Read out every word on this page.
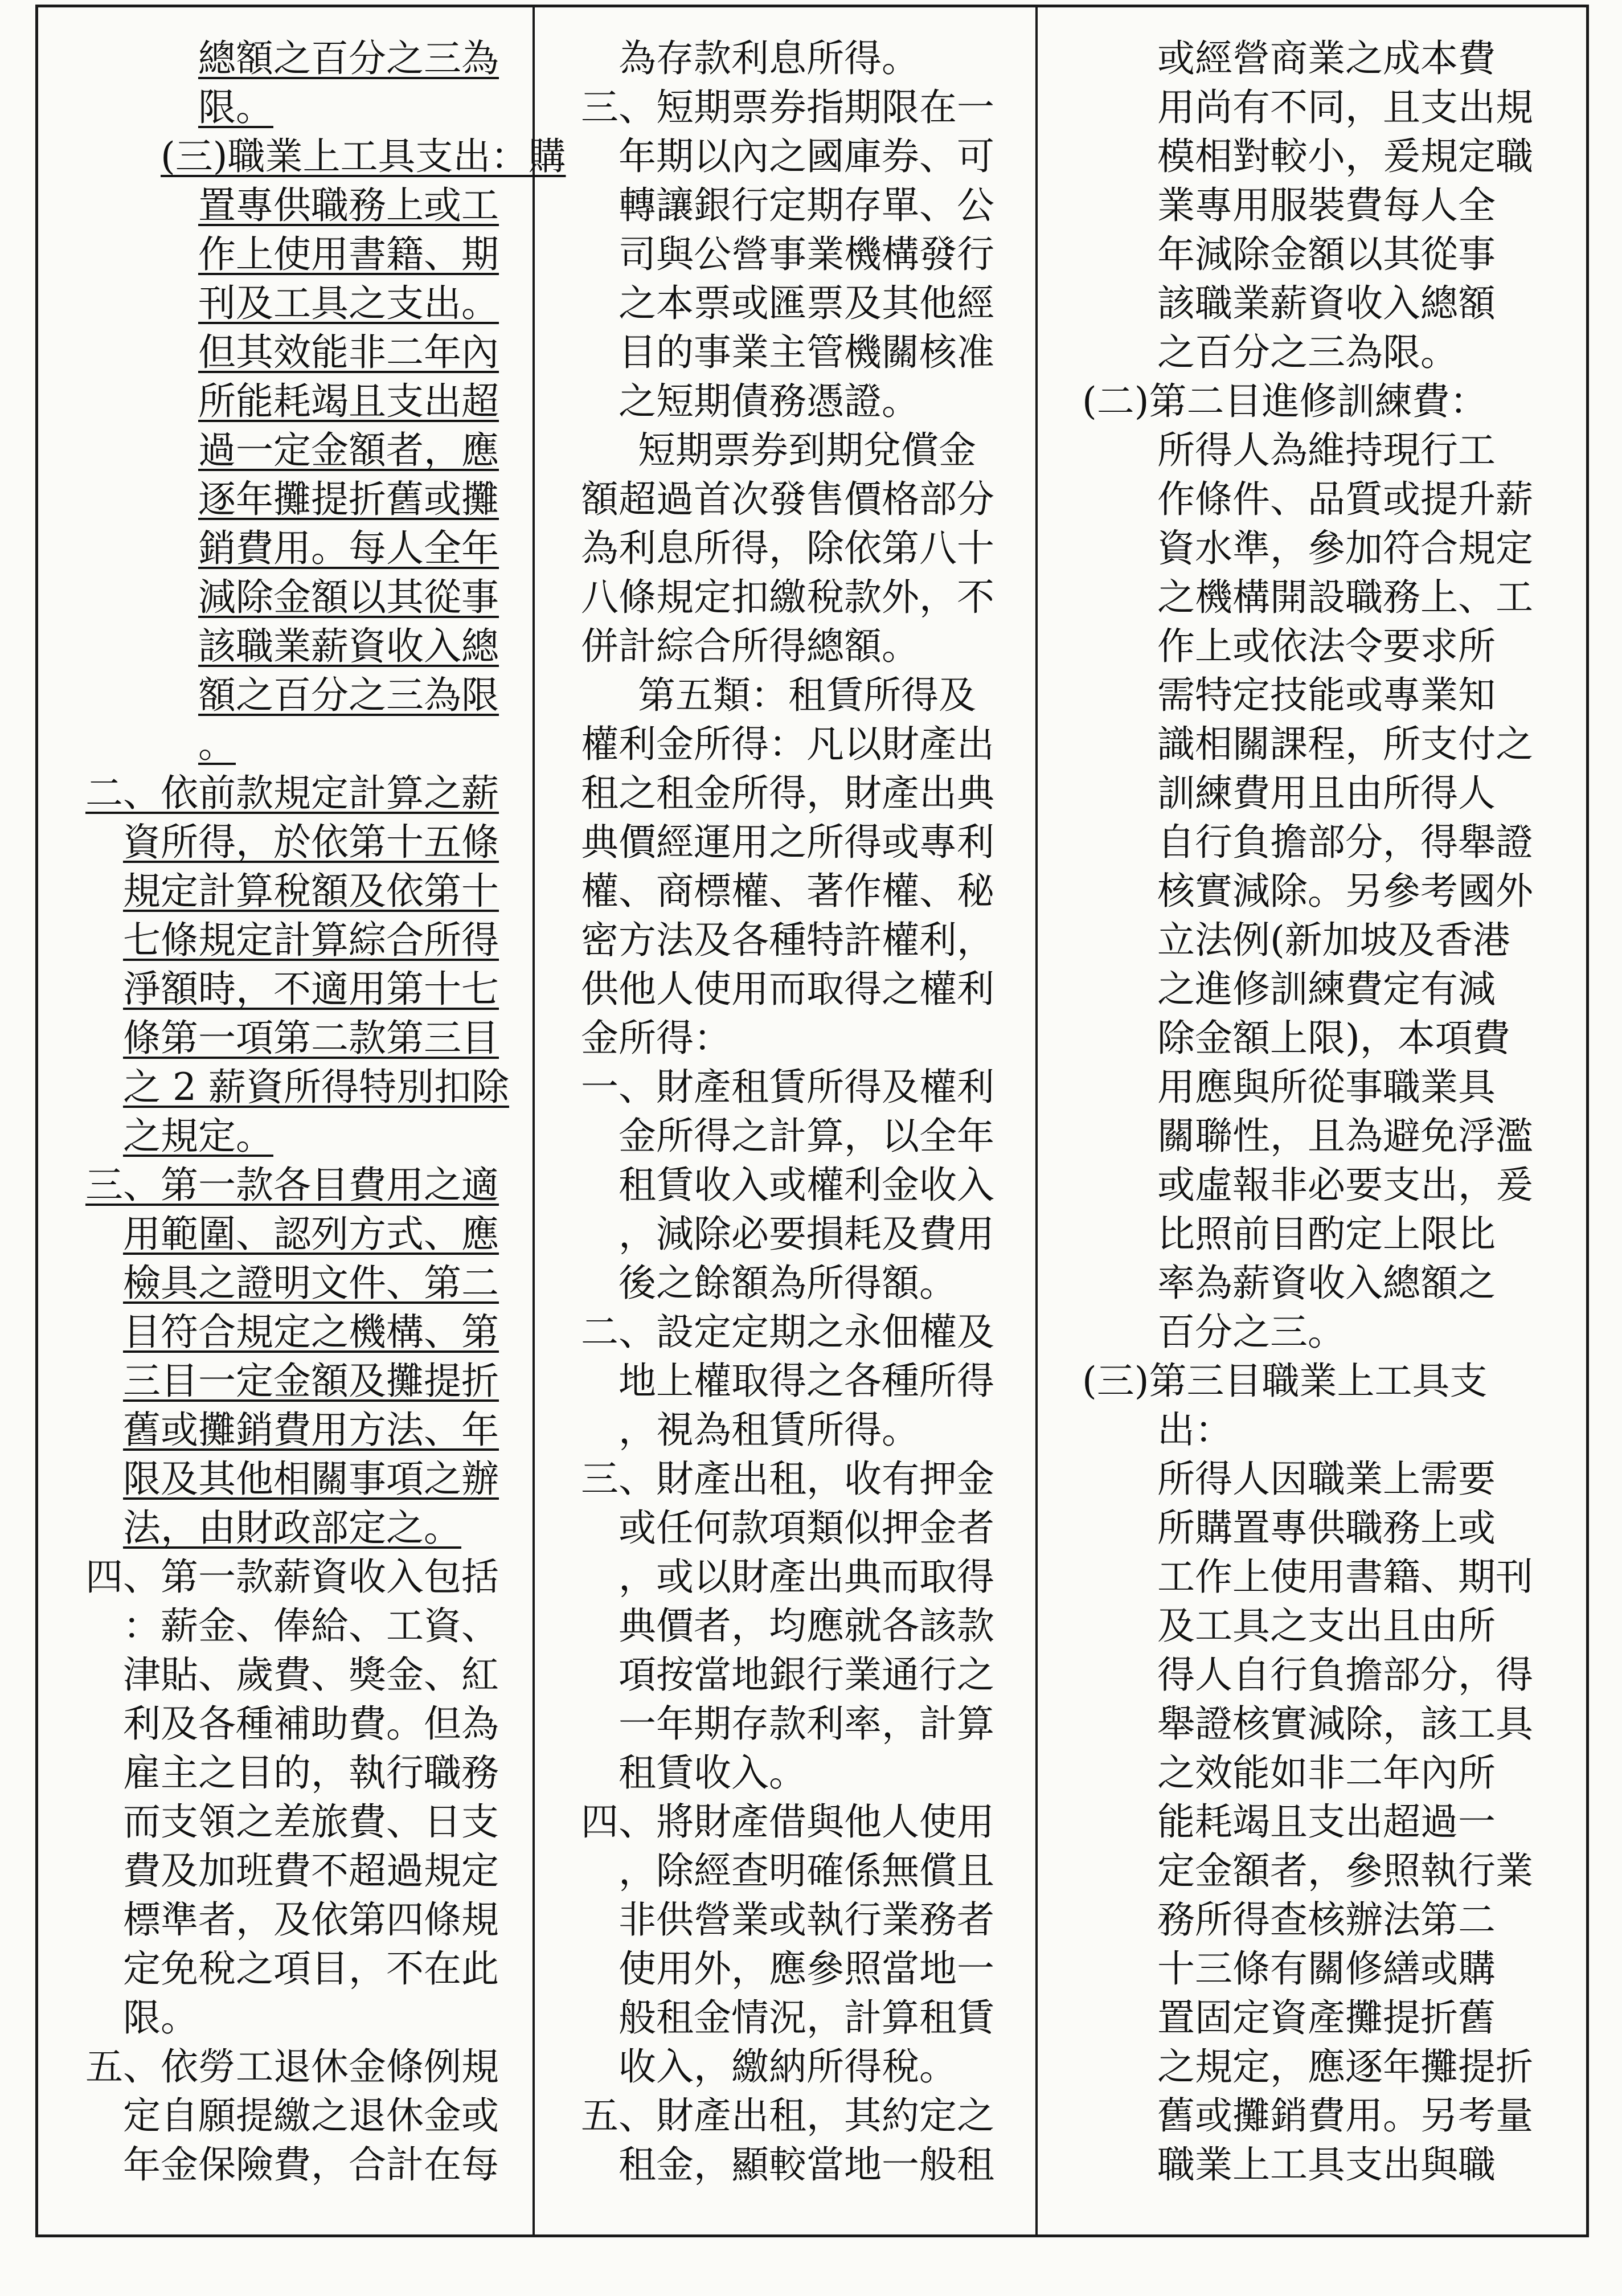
總額之百分之三為

限。

(三)職業上工具支出：購

置專供職務上或工

作上使用書籍、期

刊及工具之支出。

但其效能非二年內

所能耗竭且支出超

過一定金額者，應

逐年攤提折舊或攤

銷費用。每人全年

減除金額以其從事

該職業薪資收入總

額之百分之三為限

。

二、依前款規定計算之薪

資所得，於依第十五條

規定計算稅額及依第十

七條規定計算綜合所得

淨額時，不適用第十七

條第一項第二款第三目

之 2 薪資所得特別扣除

之規定。

三、第一款各目費用之適

用範圍、認列方式、應

檢具之證明文件、第二

目符合規定之機構、第

三目一定金額及攤提折

舊或攤銷費用方法、年

限及其他相關事項之辦

法，由財政部定之。

四、第一款薪資收入包括

：薪金、俸給、工資、

津貼、歲費、獎金、紅

利及各種補助費。但為

雇主之目的，執行職務

而支領之差旅費、日支

費及加班費不超過規定

標準者，及依第四條規

定免稅之項目，不在此

限。

五、依勞工退休金條例規

定自願提繳之退休金或

年金保險費，合計在每

為存款利息所得。

三、短期票券指期限在一

年期以內之國庫券、可

轉讓銀行定期存單、公

司與公營事業機構發行

之本票或匯票及其他經

目的事業主管機關核准

之短期債務憑證。

短期票券到期兌償金

額超過首次發售價格部分

為利息所得，除依第八十

八條規定扣繳稅款外，不

併計綜合所得總額。

第五類：租賃所得及

權利金所得：凡以財產出

租之租金所得，財產出典

典價經運用之所得或專利

權、商標權、著作權、秘

密方法及各種特許權利，

供他人使用而取得之權利

金所得：

一、財產租賃所得及權利

金所得之計算，以全年

租賃收入或權利金收入

，減除必要損耗及費用

後之餘額為所得額。

二、設定定期之永佃權及

地上權取得之各種所得

，視為租賃所得。

三、財產出租，收有押金

或任何款項類似押金者

，或以財產出典而取得

典價者，均應就各該款

項按當地銀行業通行之

一年期存款利率，計算

租賃收入。

四、將財產借與他人使用

，除經查明確係無償且

非供營業或執行業務者

使用外，應參照當地一

般租金情況，計算租賃

收入，繳納所得稅。

五、財產出租，其約定之

租金，顯較當地一般租

或經營商業之成本費

用尚有不同，且支出規

模相對較小，爰規定職

業專用服裝費每人全

年減除金額以其從事

該職業薪資收入總額

之百分之三為限。

(二)第二目進修訓練費：

所得人為維持現行工

作條件、品質或提升薪

資水準，參加符合規定

之機構開設職務上、工

作上或依法令要求所

需特定技能或專業知

識相關課程，所支付之

訓練費用且由所得人

自行負擔部分，得舉證

核實減除。另參考國外

立法例(新加坡及香港

之進修訓練費定有減

除金額上限)，本項費

用應與所從事職業具

關聯性，且為避免浮濫

或虛報非必要支出，爰

比照前目酌定上限比

率為薪資收入總額之

百分之三。

(三)第三目職業上工具支

出：

所得人因職業上需要

所購置專供職務上或

工作上使用書籍、期刊

及工具之支出且由所

得人自行負擔部分，得

舉證核實減除，該工具

之效能如非二年內所

能耗竭且支出超過一

定金額者，參照執行業

務所得查核辦法第二

十三條有關修繕或購

置固定資產攤提折舊

之規定，應逐年攤提折

舊或攤銷費用。另考量

職業上工具支出與職
